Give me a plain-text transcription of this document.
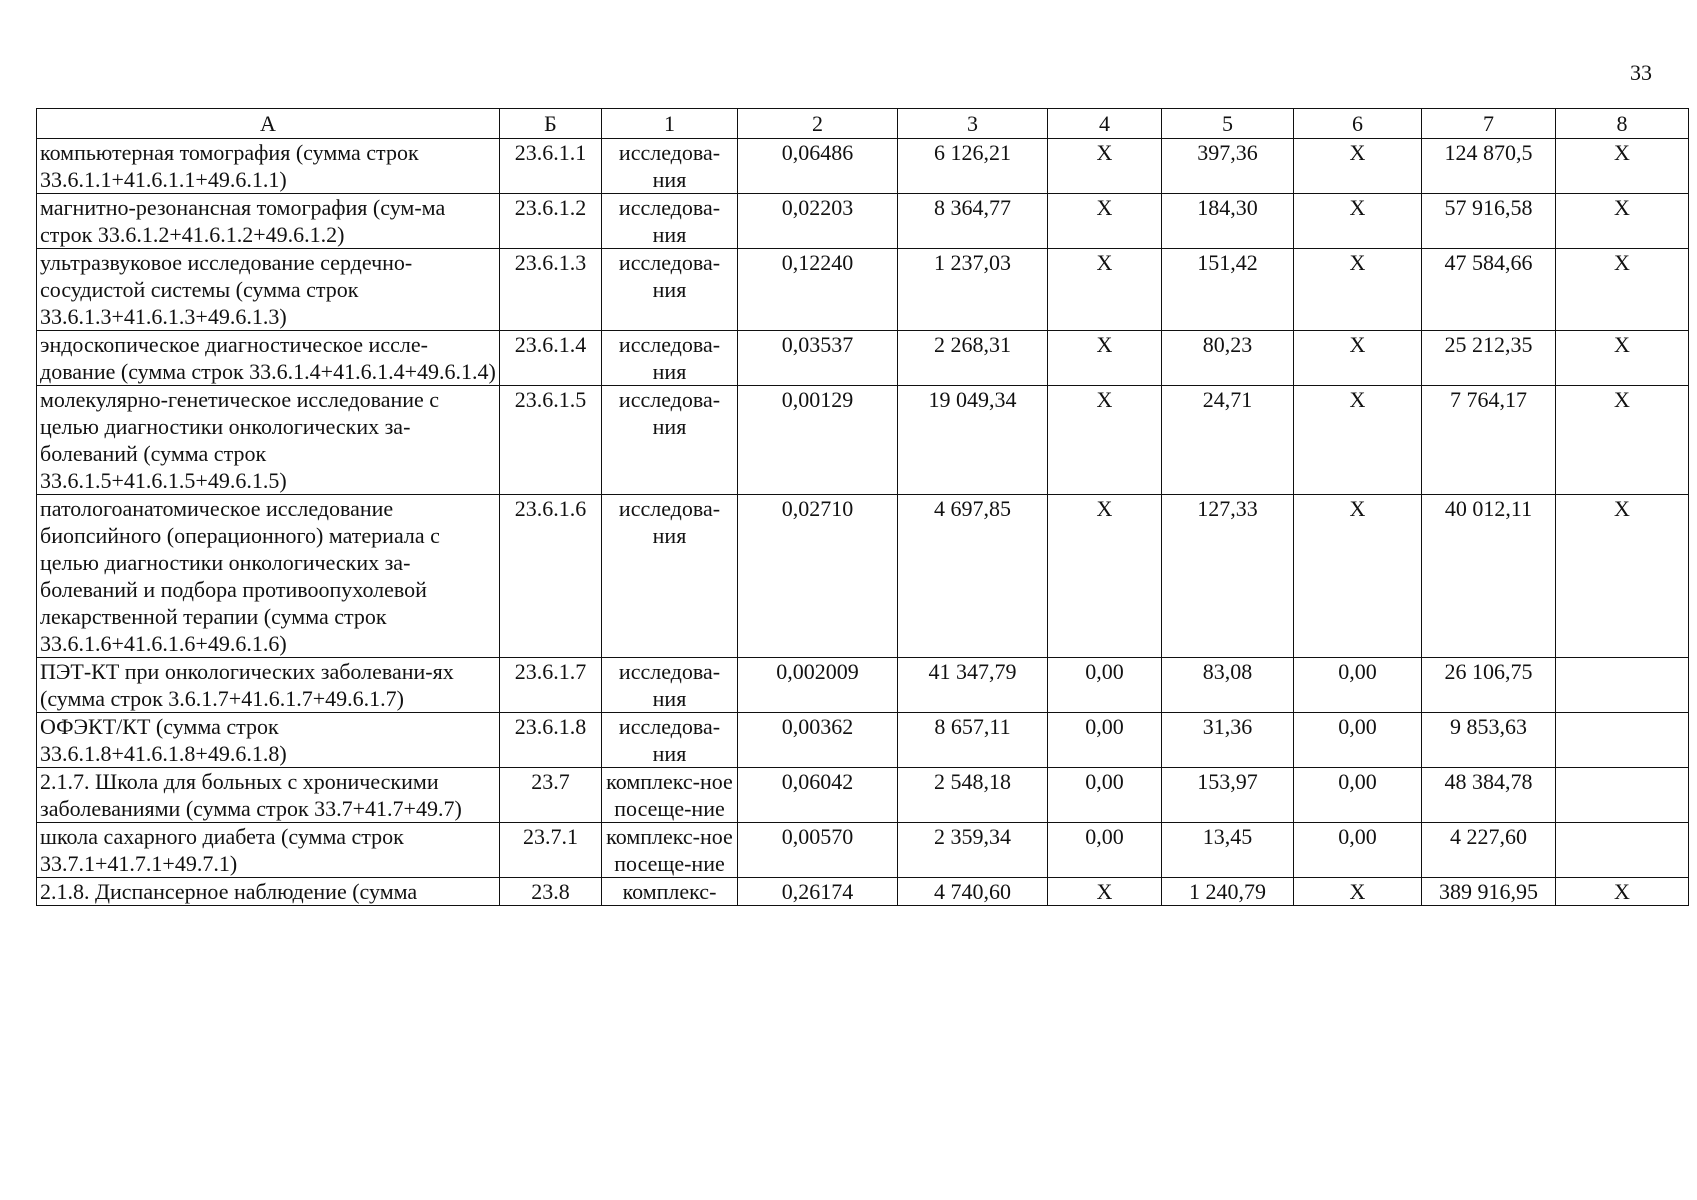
33
А	Б	1	2	3	4	5	6	7	8
компьютерная томография (сумма строк 33.6.1.1+41.6.1.1+49.6.1.1)	23.6.1.1	исследова-ния	0,06486	6 126,21	X	397,36	X	124 870,5	X
магнитно-резонансная томография (сум-ма строк 33.6.1.2+41.6.1.2+49.6.1.2)	23.6.1.2	исследова-ния	0,02203	8 364,77	X	184,30	X	57 916,58	X
ультразвуковое исследование сердечно-сосудистой системы (сумма строк 33.6.1.3+41.6.1.3+49.6.1.3)	23.6.1.3	исследова-ния	0,12240	1 237,03	X	151,42	X	47 584,66	X
эндоскопическое диагностическое иссле-дование (сумма строк 33.6.1.4+41.6.1.4+49.6.1.4)	23.6.1.4	исследова-ния	0,03537	2 268,31	X	80,23	X	25 212,35	X
молекулярно-генетическое исследование с целью диагностики онкологических за-болеваний (сумма строк 33.6.1.5+41.6.1.5+49.6.1.5)	23.6.1.5	исследова-ния	0,00129	19 049,34	X	24,71	X	7 764,17	X
патологоанатомическое исследование биопсийного (операционного) материала с целью диагностики онкологических за-болеваний и подбора противоопухолевой лекарственной терапии (сумма строк 33.6.1.6+41.6.1.6+49.6.1.6)	23.6.1.6	исследова-ния	0,02710	4 697,85	X	127,33	X	40 012,11	X
ПЭТ-КТ при онкологических заболевани-ях (сумма строк 3.6.1.7+41.6.1.7+49.6.1.7)	23.6.1.7	исследова-ния	0,002009	41 347,79	0,00	83,08	0,00	26 106,75	
ОФЭКТ/КТ (сумма строк 33.6.1.8+41.6.1.8+49.6.1.8)	23.6.1.8	исследова-ния	0,00362	8 657,11	0,00	31,36	0,00	9 853,63	
2.1.7. Школа для больных с хроническими заболеваниями (сумма строк 33.7+41.7+49.7)	23.7	комплекс-ное посеще-ние	0,06042	2 548,18	0,00	153,97	0,00	48 384,78	
школа сахарного диабета (сумма строк 33.7.1+41.7.1+49.7.1)	23.7.1	комплекс-ное посеще-ние	0,00570	2 359,34	0,00	13,45	0,00	4 227,60	
2.1.8. Диспансерное наблюдение (сумма	23.8	комплекс-	0,26174	4 740,60	X	1 240,79	X	389 916,95	X
